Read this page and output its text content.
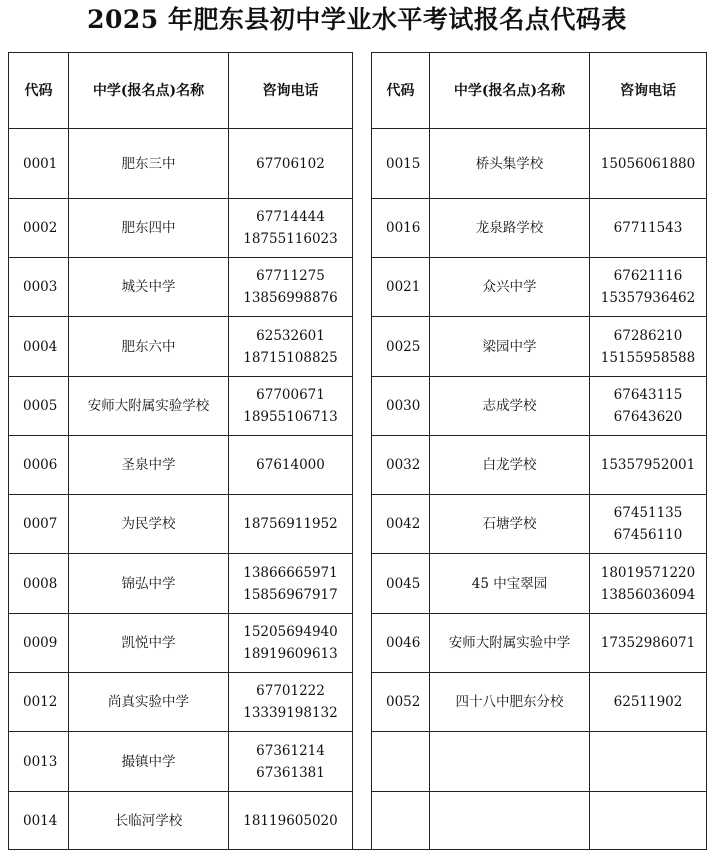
2025 年肥东县初中学业水平考试报名点代码表
代码	中学(报名点)名称	咨询电话
0001	肥东三中	67706102

0002	肥东四中	67714444
18755116023

0003	城关中学	67711275
13856998876

0004	肥东六中	62532601
18715108825

0005	安师大附属实验学校	67700671
18955106713

0006	圣泉中学	67614000

0007	为民学校	18756911952

0008	锦弘中学	13866665971
15856967917

0009	凯悦中学	15205694940
18919609613

0012	尚真实验中学	67701222
13339198132

0013	撮镇中学	67361214
67361381

0014	长临河学校	18119605020
代码	中学(报名点)名称	咨询电话
0015	桥头集学校	15056061880

0016	龙泉路学校	67711543

0021	众兴中学	67621116
15357936462

0025	梁园中学	67286210
15155958588

0030	志成学校	67643115
67643620

0032	白龙学校	15357952001

0042	石塘学校	67451135
67456110

0045	45 中宝翠园	18019571220
13856036094

0046	安师大附属实验中学	17352986071

0052	四十八中肥东分校	62511902
